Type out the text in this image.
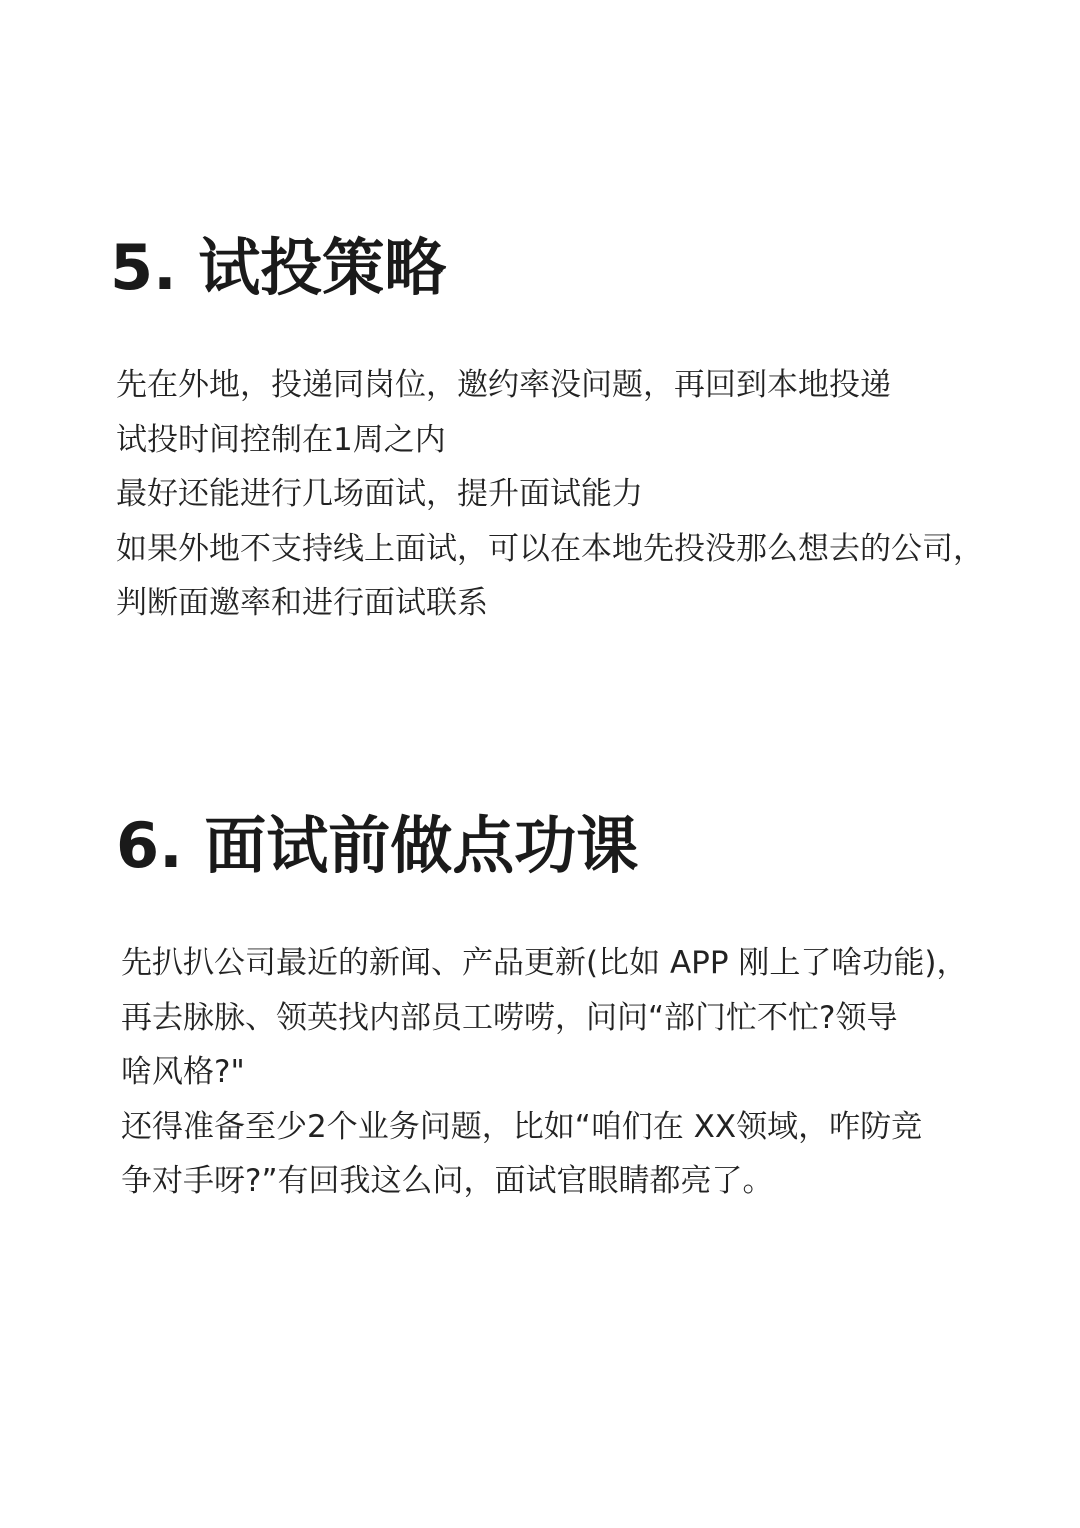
5. 试投策略
先在外地，投递同岗位，邀约率没问题，再回到本地投递
试投时间控制在1周之内
最好还能进行几场面试，提升面试能力
如果外地不支持线上面试，可以在本地先投没那么想去的公司，
判断面邀率和进行面试联系
6. 面试前做点功课
先扒扒公司最近的新闻、产品更新(比如 APP 刚上了啥功能)，
再去脉脉、领英找内部员工唠唠，问问“部门忙不忙?领导
啥风格?"
还得准备至少2个业务问题，比如“咱们在 XX领域，咋防竞
争对手呀?”有回我这么问，面试官眼睛都亮了。
